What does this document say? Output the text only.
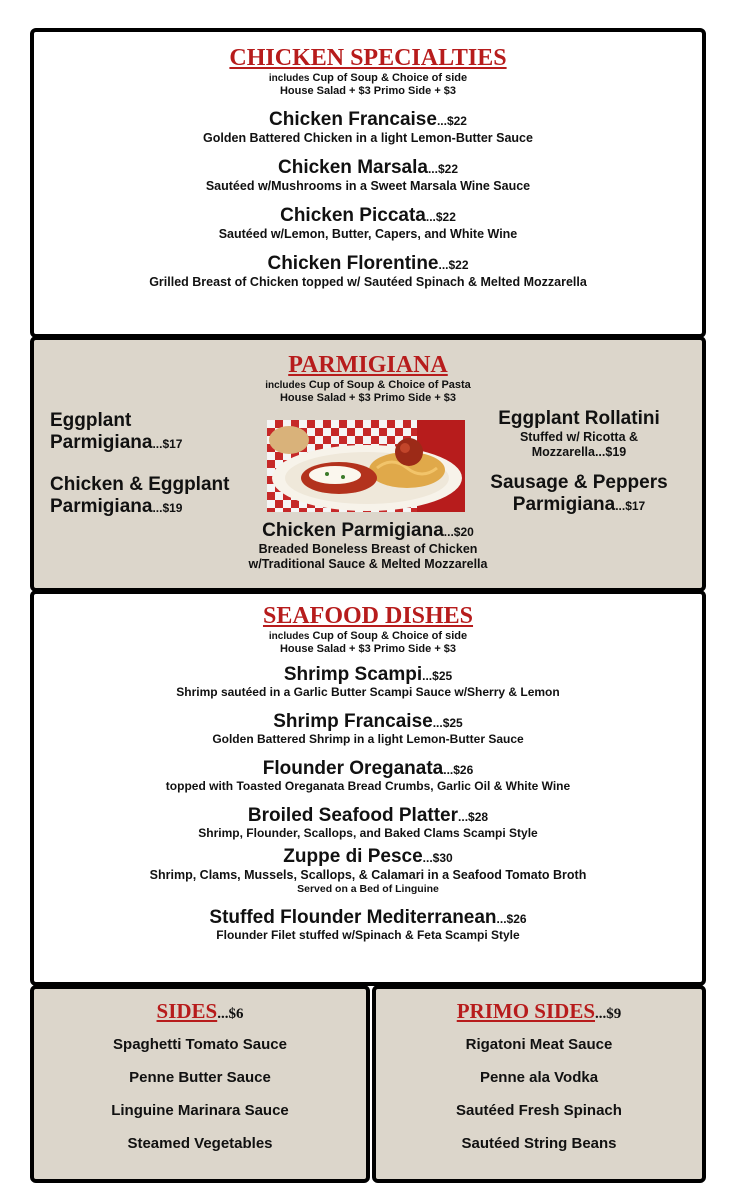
CHICKEN SPECIALTIES
includes Cup of Soup & Choice of side
House Salad + $3 Primo Side + $3
Chicken Francaise...$22
Golden Battered Chicken in a light Lemon-Butter Sauce
Chicken Marsala...$22
Sautéed w/Mushrooms in a Sweet Marsala Wine Sauce
Chicken Piccata...$22
Sautéed w/Lemon, Butter, Capers, and White Wine
Chicken Florentine...$22
Grilled Breast of Chicken topped w/ Sautéed Spinach & Melted Mozzarella
PARMIGIANA
includes Cup of Soup & Choice of Pasta
House Salad + $3 Primo Side + $3
Eggplant
Parmigiana...$17
Chicken & Eggplant
Parmigiana...$19
Eggplant Rollatini
Stuffed w/ Ricotta &
Mozzarella...$19
Sausage & Peppers
Parmigiana...$17
Chicken Parmigiana...$20
Breaded Boneless Breast of Chicken
w/Traditional Sauce & Melted Mozzarella
SEAFOOD DISHES
includes Cup of Soup & Choice of side
House Salad + $3 Primo Side + $3
Shrimp Scampi...$25
Shrimp sautéed in a Garlic Butter Scampi Sauce w/Sherry & Lemon
Shrimp Francaise...$25
Golden Battered Shrimp in a light Lemon-Butter Sauce
Flounder Oreganata...$26
topped with Toasted Oreganata Bread Crumbs, Garlic Oil & White Wine
Broiled Seafood Platter...$28
Shrimp, Flounder, Scallops, and Baked Clams Scampi Style
Zuppe di Pesce...$30
Shrimp, Clams, Mussels, Scallops, & Calamari in a Seafood Tomato Broth
Served on a Bed of Linguine
Stuffed Flounder Mediterranean...$26
Flounder Filet stuffed w/Spinach & Feta Scampi Style
SIDES...$6
Spaghetti Tomato Sauce
Penne Butter Sauce
Linguine Marinara Sauce
Steamed Vegetables
PRIMO SIDES...$9
Rigatoni Meat Sauce
Penne ala Vodka
Sautéed Fresh Spinach
Sautéed String Beans
